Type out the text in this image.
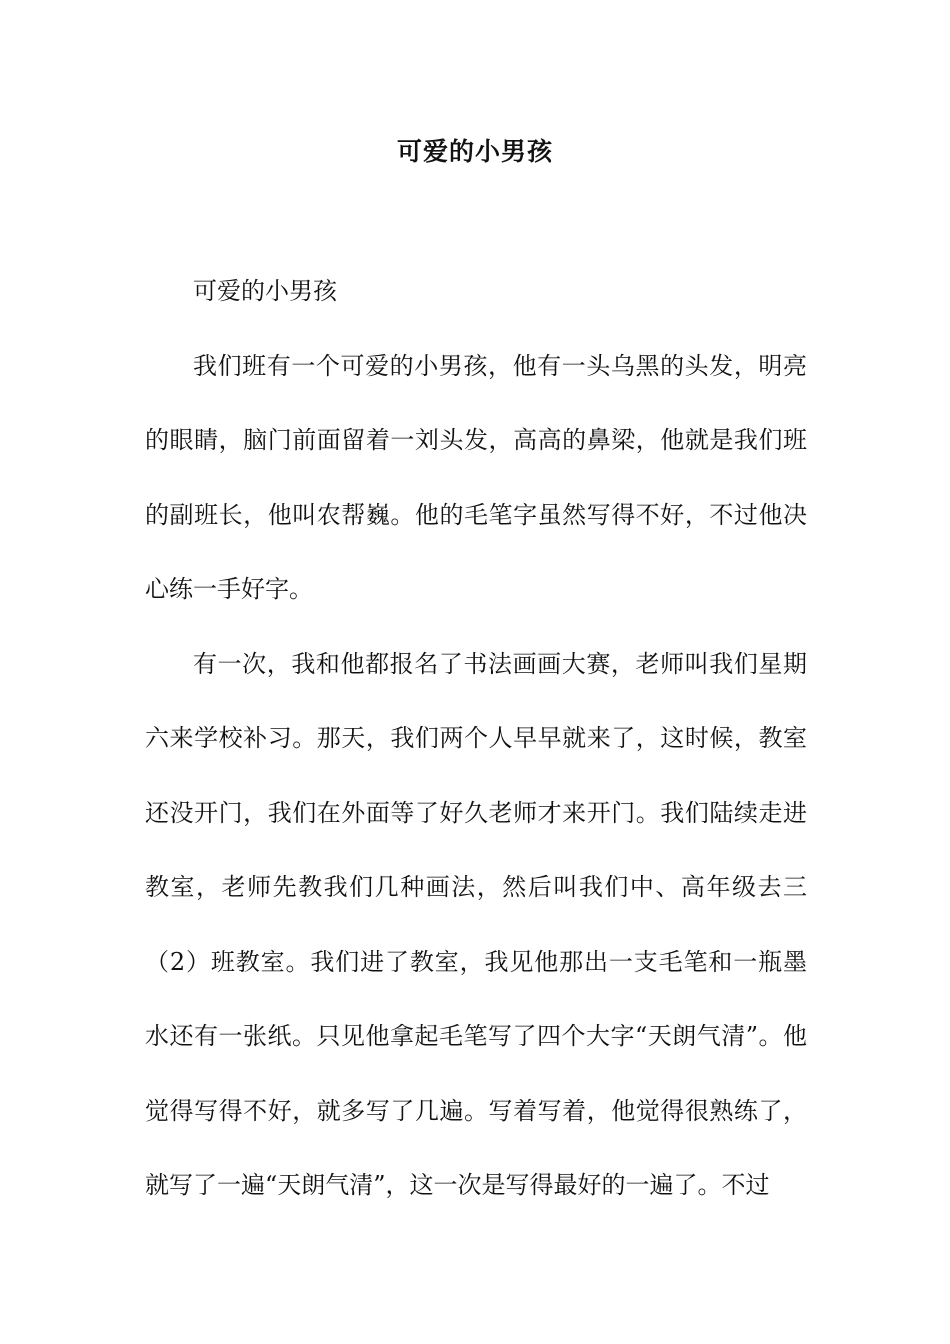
可爱的小男孩

可爱的小男孩

我们班有一个可爱的小男孩，他有一头乌黑的头发，明亮的眼睛，脑门前面留着一刘头发，高高的鼻梁，他就是我们班的副班长，他叫农帮巍。他的毛笔字虽然写得不好，不过他决心练一手好字。

有一次，我和他都报名了书法画画大赛，老师叫我们星期六来学校补习。那天，我们两个人早早就来了，这时候，教室还没开门，我们在外面等了好久老师才来开门。我们陆续走进教室，老师先教我们几种画法，然后叫我们中、高年级去三（2）班教室。我们进了教室，我见他那出一支毛笔和一瓶墨水还有一张纸。只见他拿起毛笔写了四个大字“天朗气清”。他觉得写得不好，就多写了几遍。写着写着，他觉得很熟练了，就写了一遍“天朗气清”，这一次是写得最好的一遍了。不过
